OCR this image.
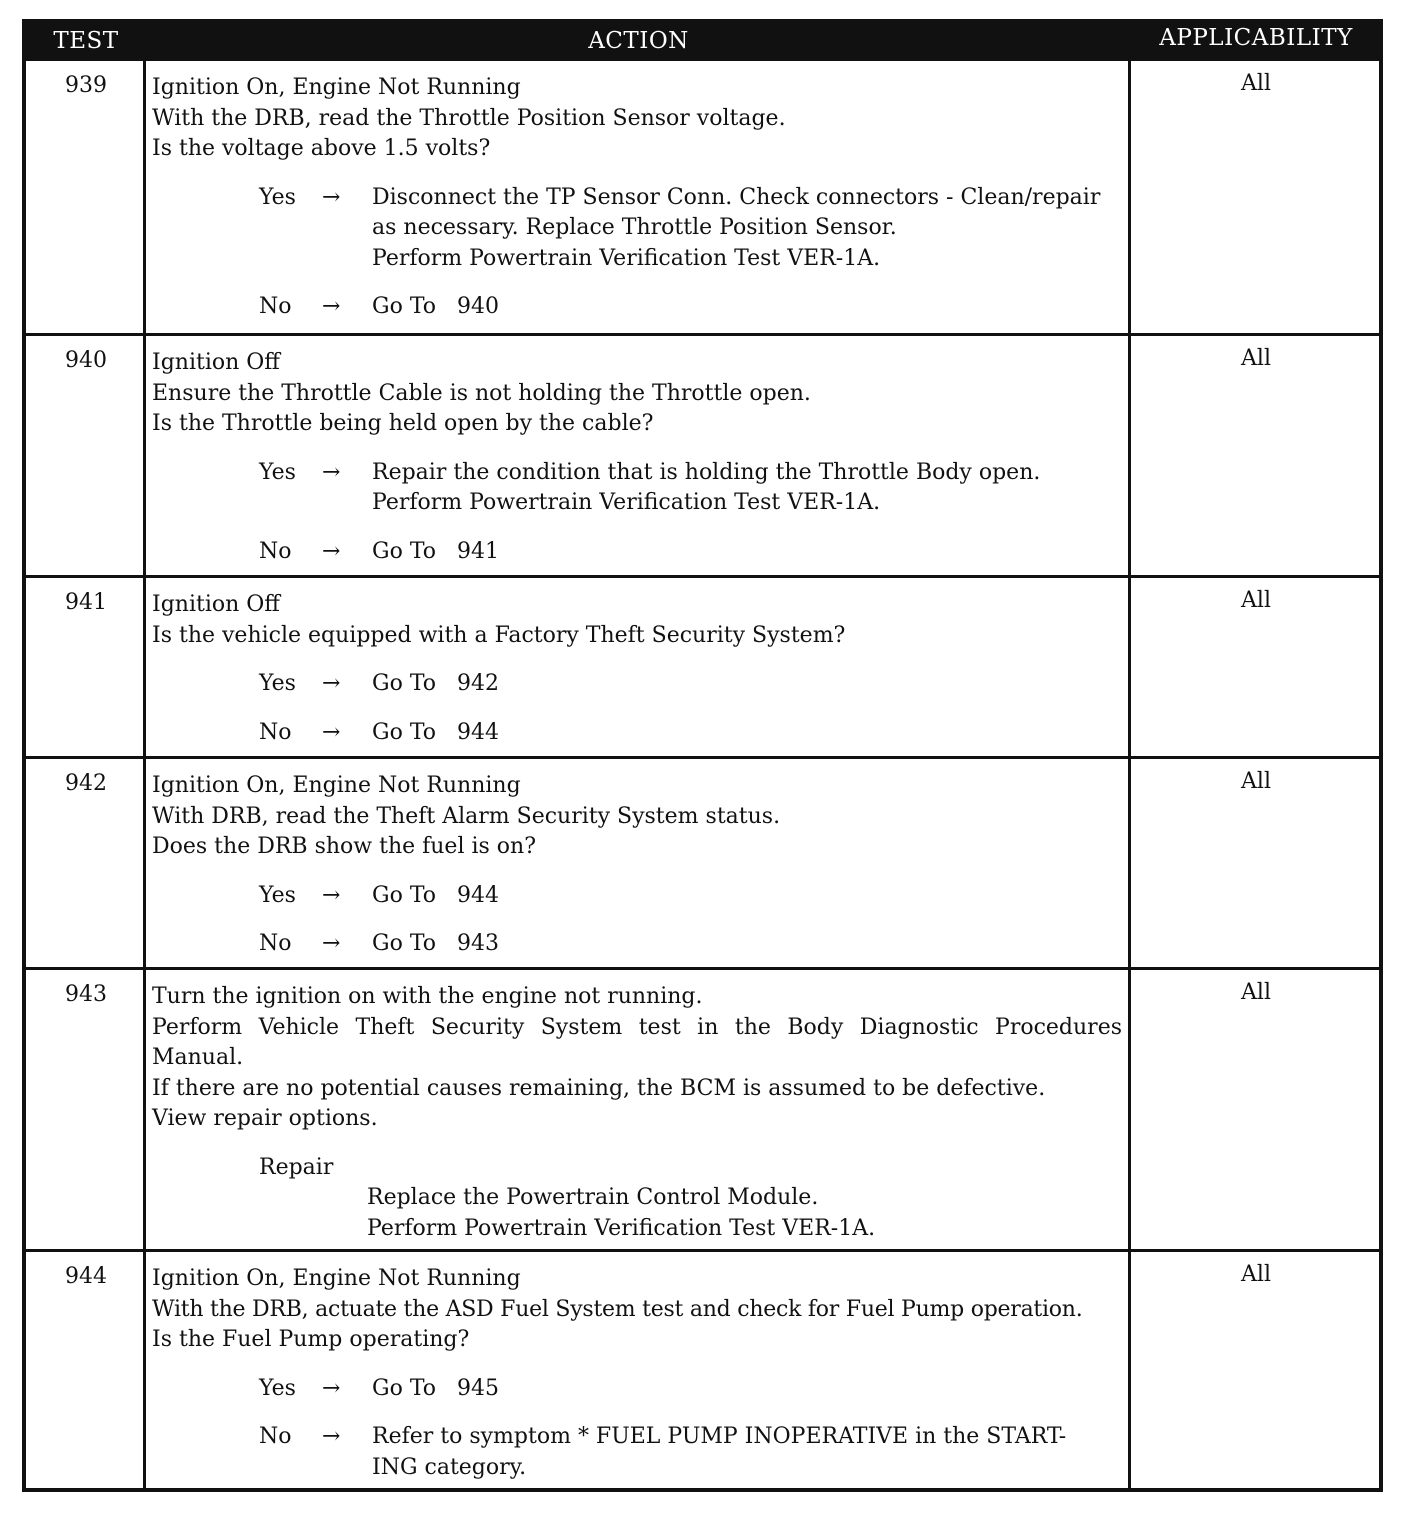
TEST	ACTION	APPLICABILITY
939	Ignition On, Engine Not Running
With the DRB, read the Throttle Position Sensor voltage.
Is the voltage above 1.5 volts?
Yes → Disconnect the TP Sensor Conn. Check connectors - Clean/repair
as necessary. Replace Throttle Position Sensor.
Perform Powertrain Verification Test VER-1A.
No → Go To   940
All
940	Ignition Off
Ensure the Throttle Cable is not holding the Throttle open.
Is the Throttle being held open by the cable?
Yes → Repair the condition that is holding the Throttle Body open.
Perform Powertrain Verification Test VER-1A.
No → Go To   941
All
941	Ignition Off
Is the vehicle equipped with a Factory Theft Security System?
Yes → Go To   942
No → Go To   944
All
942	Ignition On, Engine Not Running
With DRB, read the Theft Alarm Security System status.
Does the DRB show the fuel is on?
Yes → Go To   944
No → Go To   943
All
943	Turn the ignition on with the engine not running.
Perform Vehicle Theft Security System test in the Body Diagnostic Procedures
Manual.
If there are no potential causes remaining, the BCM is assumed to be defective.
View repair options.
Repair
Replace the Powertrain Control Module.
Perform Powertrain Verification Test VER-1A.
All
944	Ignition On, Engine Not Running
With the DRB, actuate the ASD Fuel System test and check for Fuel Pump operation.
Is the Fuel Pump operating?
Yes → Go To   945
No → Refer to symptom * FUEL PUMP INOPERATIVE in the START-
ING category.
All
